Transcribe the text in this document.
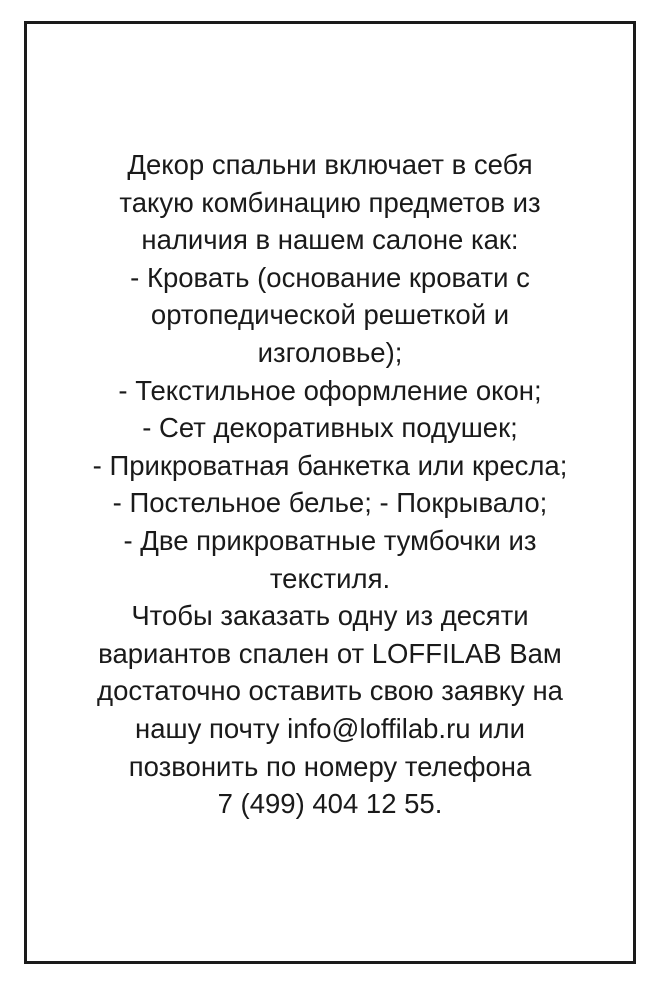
Декор спальни включает в себя
такую комбинацию предметов из
наличия в нашем салоне как:
- Кровать (основание кровати с
ортопедической решеткой и
изголовье);
- Текстильное оформление окон;
- Сет декоративных подушек;
- Прикроватная банкетка или кресла;
- Постельное белье; - Покрывало;
- Две прикроватные тумбочки из
текстиля.
Чтобы заказать одну из десяти
вариантов спален от LOFFILAB Вам
достаточно оставить свою заявку на
нашу почту info@loffilab.ru или
позвонить по номеру телефона
7 (499) 404 12 55.
